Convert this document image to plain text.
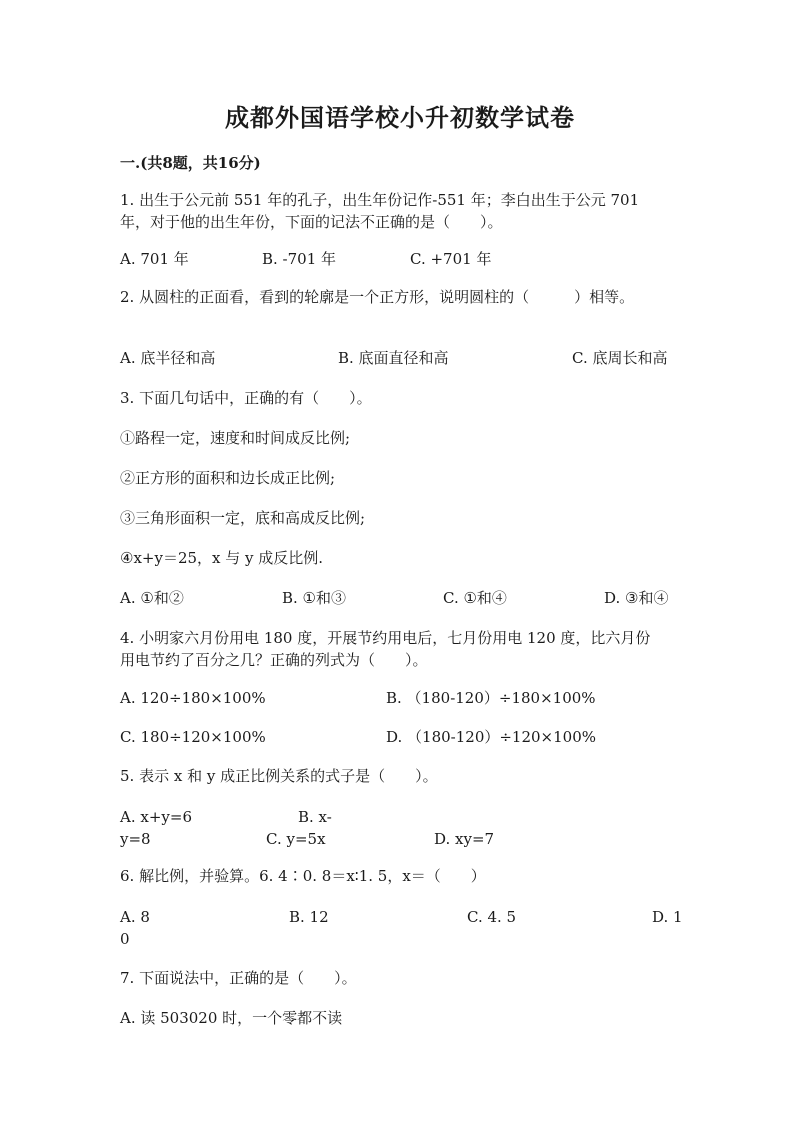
成都外国语学校小升初数学试卷
一.(共8题，共16分)
1. 出生于公元前 551 年的孔子，出生年份记作-551 年；李白出生于公元 701
年，对于他的出生年份，下面的记法不正确的是（　　）。
A. 701 年	B. -701 年	C. +701 年
2. 从圆柱的正面看，看到的轮廓是一个正方形，说明圆柱的（　　　）相等。
A. 底半径和高	B. 底面直径和高	C. 底周长和高
3. 下面几句话中，正确的有（　　）。
①路程一定，速度和时间成反比例;
②正方形的面积和边长成正比例;
③三角形面积一定，底和高成反比例;
④x+y＝25，x 与 y 成反比例.
A. ①和②	B. ①和③	C. ①和④	D. ③和④
4. 小明家六月份用电 180 度，开展节约用电后，七月份用电 120 度，比六月份
用电节约了百分之几？正确的列式为（　　）。
A. 120÷180×100%	B. （180-120）÷180×100%
C. 180÷120×100%	D. （180-120）÷120×100%
5. 表示 x 和 y 成正比例关系的式子是（　　）。
A. x+y=6	B. x-
y=8	C. y=5x	D. xy=7
6. 解比例，并验算。6. 4∶0. 8＝x∶1. 5，x＝（　　）
A. 8	B. 12	C. 4. 5	D. 1
0
7. 下面说法中，正确的是（　　）。
A. 读 503020 时，一个零都不读
